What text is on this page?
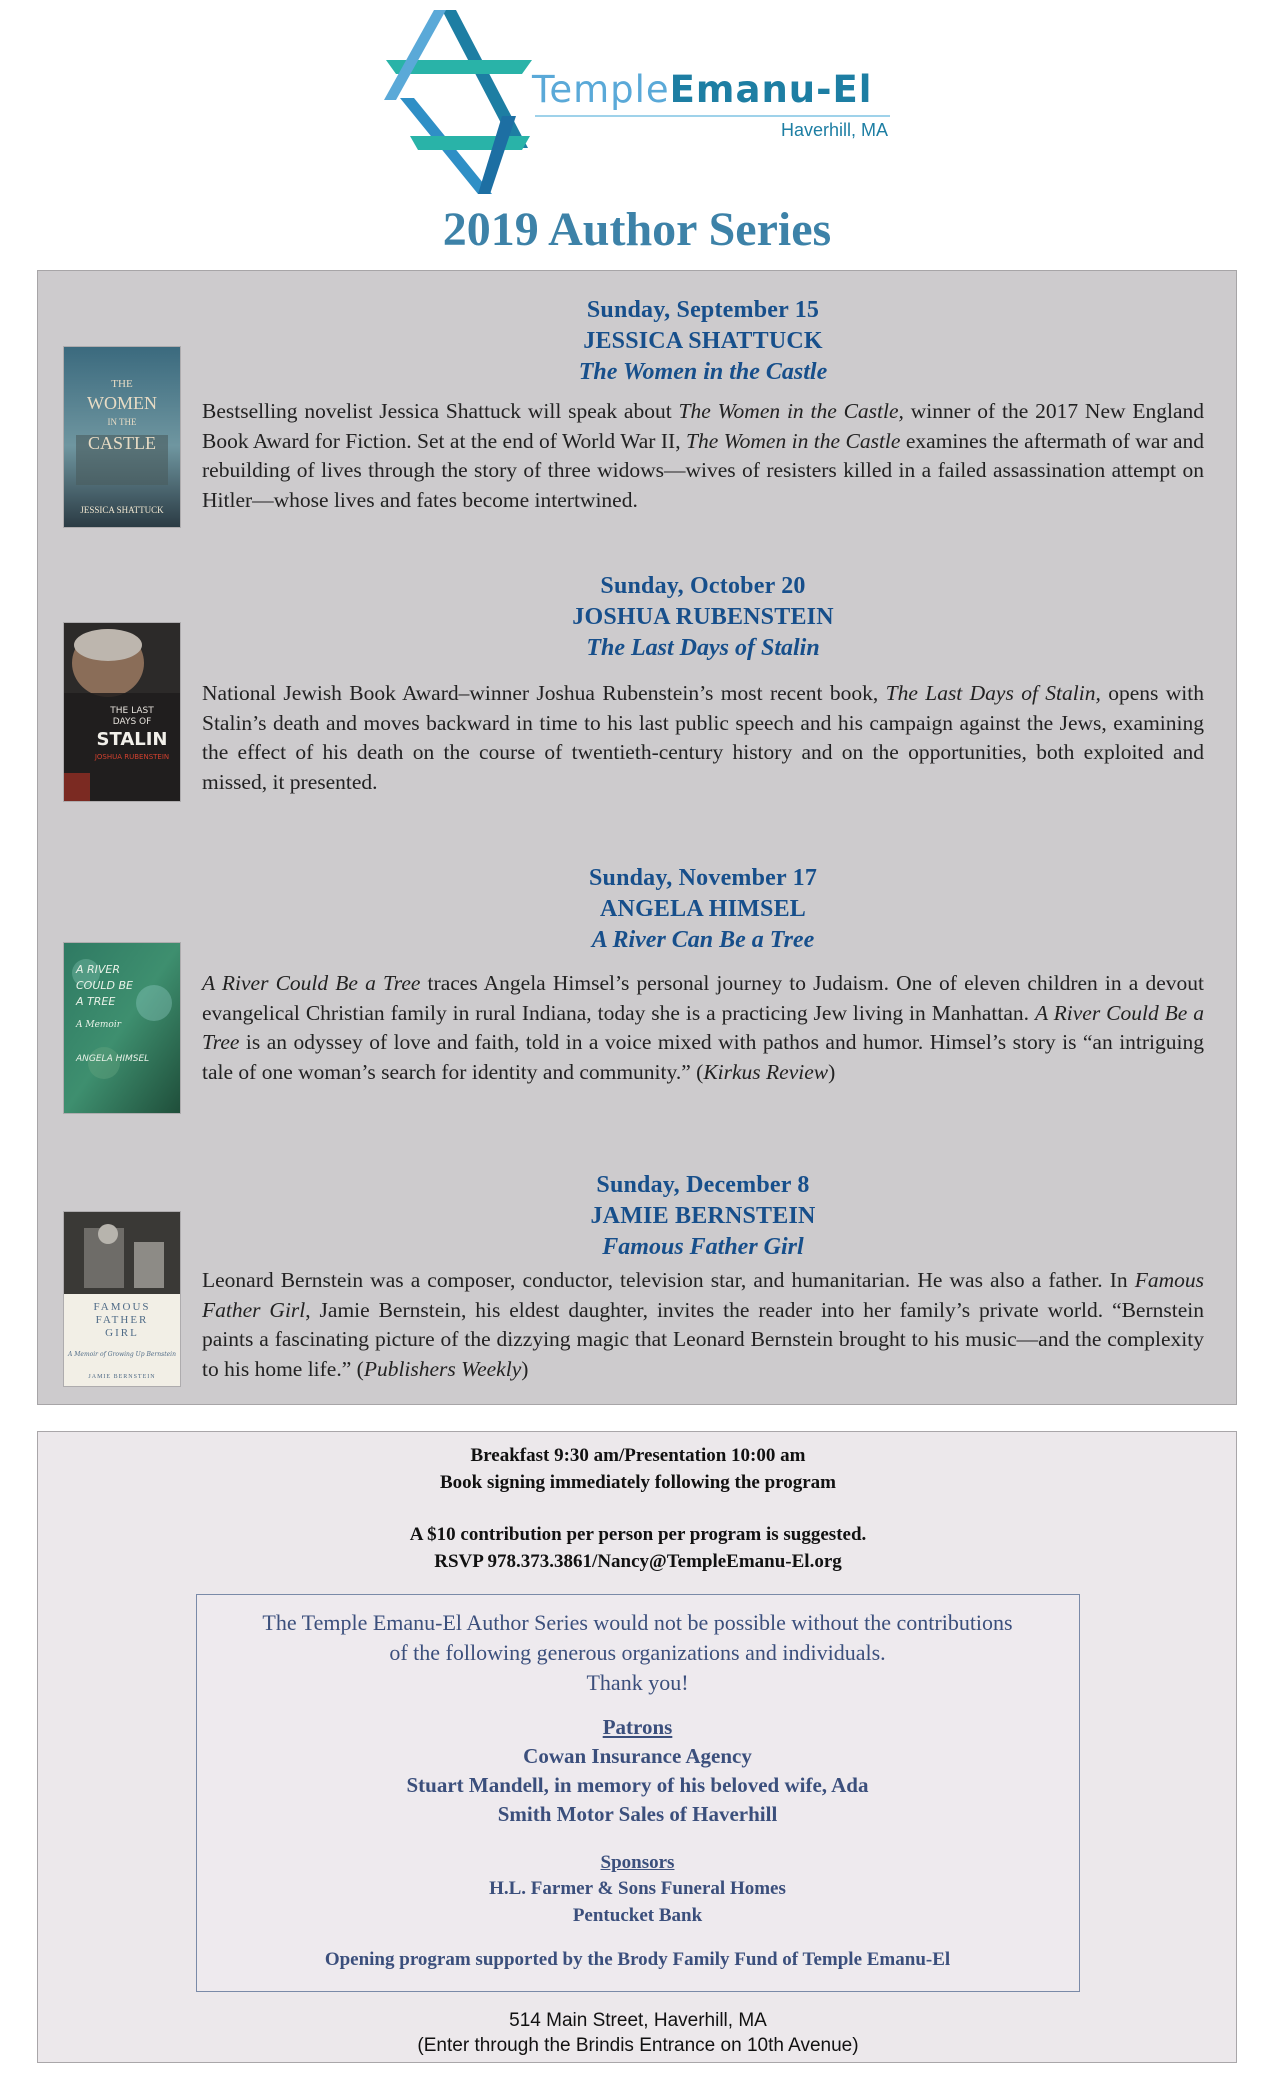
TempleEmanu-El
Haverhill, MA
2019 Author Series
THE
WOMEN
IN THE
CASTLE
JESSICA SHATTUCK
Sunday, September 15
JESSICA SHATTUCK
The Women in the Castle
Bestselling novelist Jessica Shattuck will speak about The Women in the Castle, winner of the 2017 New England Book Award for Fiction. Set at the end of World War II, The Women in the Castle examines the aftermath of war and rebuilding of lives through the story of three widows—wives of resisters killed in a failed assassination attempt on Hitler—whose lives and fates become intertwined.
THE LAST
DAYS OF
STALIN
JOSHUA RUBENSTEIN
Sunday, October 20
JOSHUA RUBENSTEIN
The Last Days of Stalin
National Jewish Book Award–winner Joshua Rubenstein’s most recent book, The Last Days of Stalin, opens with Stalin’s death and moves backward in time to his last public speech and his campaign against the Jews, examining the effect of his death on the course of twentieth-century history and on the opportunities, both exploited and missed, it presented.
A RIVER
COULD BE
A TREE
A Memoir
ANGELA HIMSEL
Sunday, November 17
ANGELA HIMSEL
A River Can Be a Tree
A River Could Be a Tree traces Angela Himsel’s personal journey to Judaism. One of eleven children in a devout evangelical Christian family in rural Indiana, today she is a practicing Jew living in Manhattan. A River Could Be a Tree is an odyssey of love and faith, told in a voice mixed with pathos and humor. Himsel’s story is “an intriguing tale of one woman’s search for identity and community.” (Kirkus Review)
FAMOUS
FATHER
GIRL
A Memoir of Growing Up Bernstein
JAMIE BERNSTEIN
Sunday, December 8
JAMIE BERNSTEIN
Famous Father Girl
Leonard Bernstein was a composer, conductor, television star, and humanitarian. He was also a father. In Famous Father Girl, Jamie Bernstein, his eldest daughter, invites the reader into her family’s private world. “Bernstein paints a fascinating picture of the dizzying magic that Leonard Bernstein brought to his music—and the complexity to his home life.” (Publishers Weekly)
Breakfast 9:30 am/Presentation 10:00 am
Book signing immediately following the program
A $10 contribution per person per program is suggested.
RSVP 978.373.3861/Nancy@TempleEmanu-El.org
The Temple Emanu-El Author Series would not be possible without the contributions
of the following generous organizations and individuals.
Thank you!
Patrons
Cowan Insurance Agency
Stuart Mandell, in memory of his beloved wife, Ada
Smith Motor Sales of Haverhill
Sponsors
H.L. Farmer & Sons Funeral Homes
Pentucket Bank
Opening program supported by the Brody Family Fund of Temple Emanu-El
514 Main Street, Haverhill, MA
(Enter through the Brindis Entrance on 10th Avenue)
